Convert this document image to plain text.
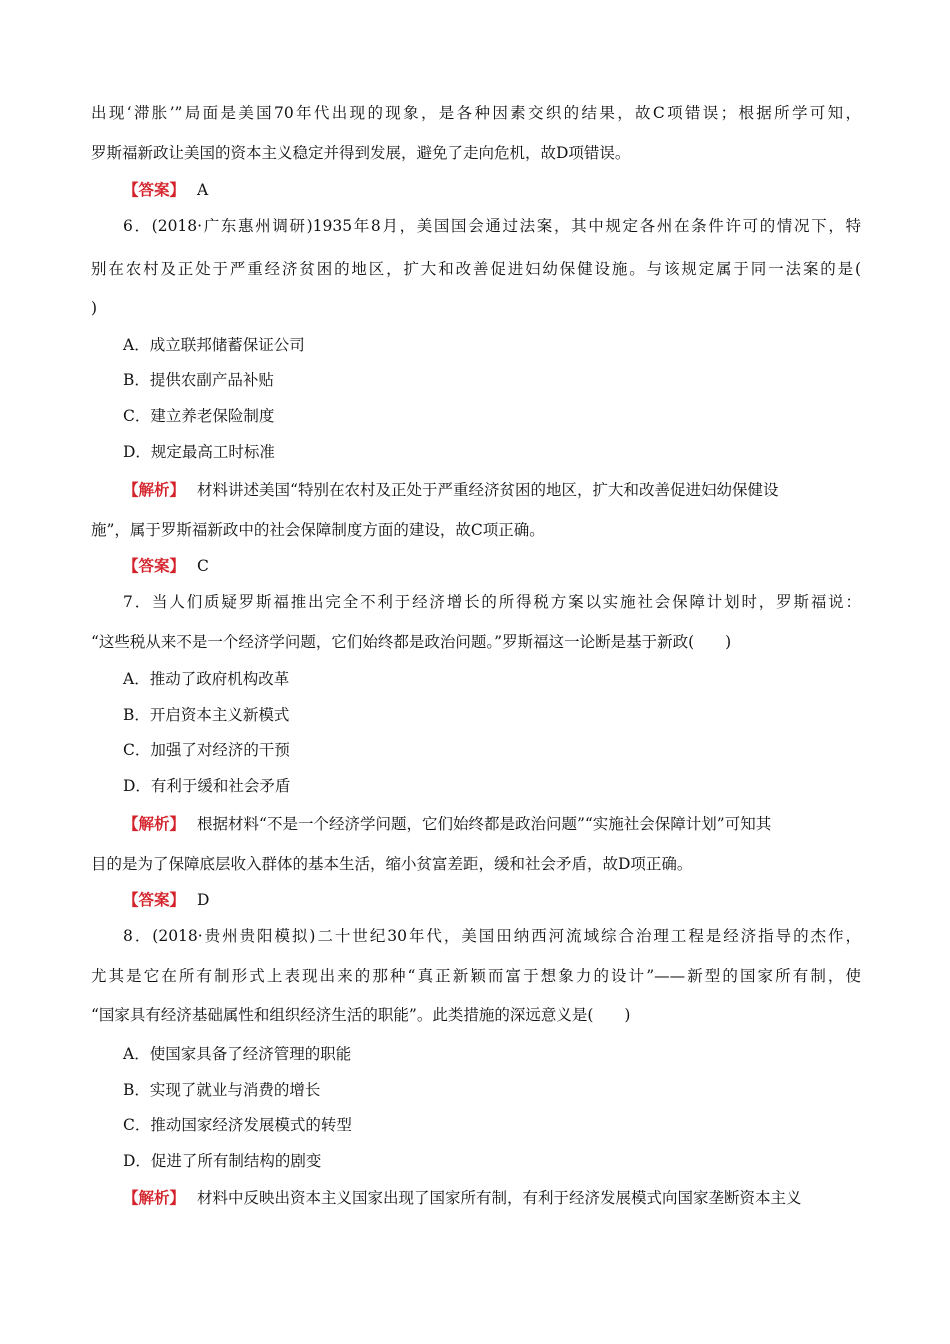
出现‘滞胀’”局面是美国70年代出现的现象，是各种因素交织的结果，故C项错误；根据所学可知，
罗斯福新政让美国的资本主义稳定并得到发展，避免了走向危机，故D项错误。
【答案】 A
6．(2018·广东惠州调研)1935年8月，美国国会通过法案，其中规定各州在条件许可的情况下，特
别在农村及正处于严重经济贫困的地区，扩大和改善促进妇幼保健设施。与该规定属于同一法案的是(
)
A．成立联邦储蓄保证公司
B．提供农副产品补贴
C．建立养老保险制度
D．规定最高工时标准
【解析】 材料讲述美国“特别在农村及正处于严重经济贫困的地区，扩大和改善促进妇幼保健设
施”，属于罗斯福新政中的社会保障制度方面的建设，故C项正确。
【答案】 C
7．当人们质疑罗斯福推出完全不利于经济增长的所得税方案以实施社会保障计划时，罗斯福说：
“这些税从来不是一个经济学问题，它们始终都是政治问题。”罗斯福这一论断是基于新政(　　)
A．推动了政府机构改革
B．开启资本主义新模式
C．加强了对经济的干预
D．有利于缓和社会矛盾
【解析】 根据材料“不是一个经济学问题，它们始终都是政治问题”“实施社会保障计划”可知其
目的是为了保障底层收入群体的基本生活，缩小贫富差距，缓和社会矛盾，故D项正确。
【答案】 D
8．(2018·贵州贵阳模拟)二十世纪30年代，美国田纳西河流域综合治理工程是经济指导的杰作，
尤其是它在所有制形式上表现出来的那种“真正新颖而富于想象力的设计”——新型的国家所有制，使
“国家具有经济基础属性和组织经济生活的职能”。此类措施的深远意义是(　　)
A．使国家具备了经济管理的职能
B．实现了就业与消费的增长
C．推动国家经济发展模式的转型
D．促进了所有制结构的剧变
【解析】 材料中反映出资本主义国家出现了国家所有制，有利于经济发展模式向国家垄断资本主义
